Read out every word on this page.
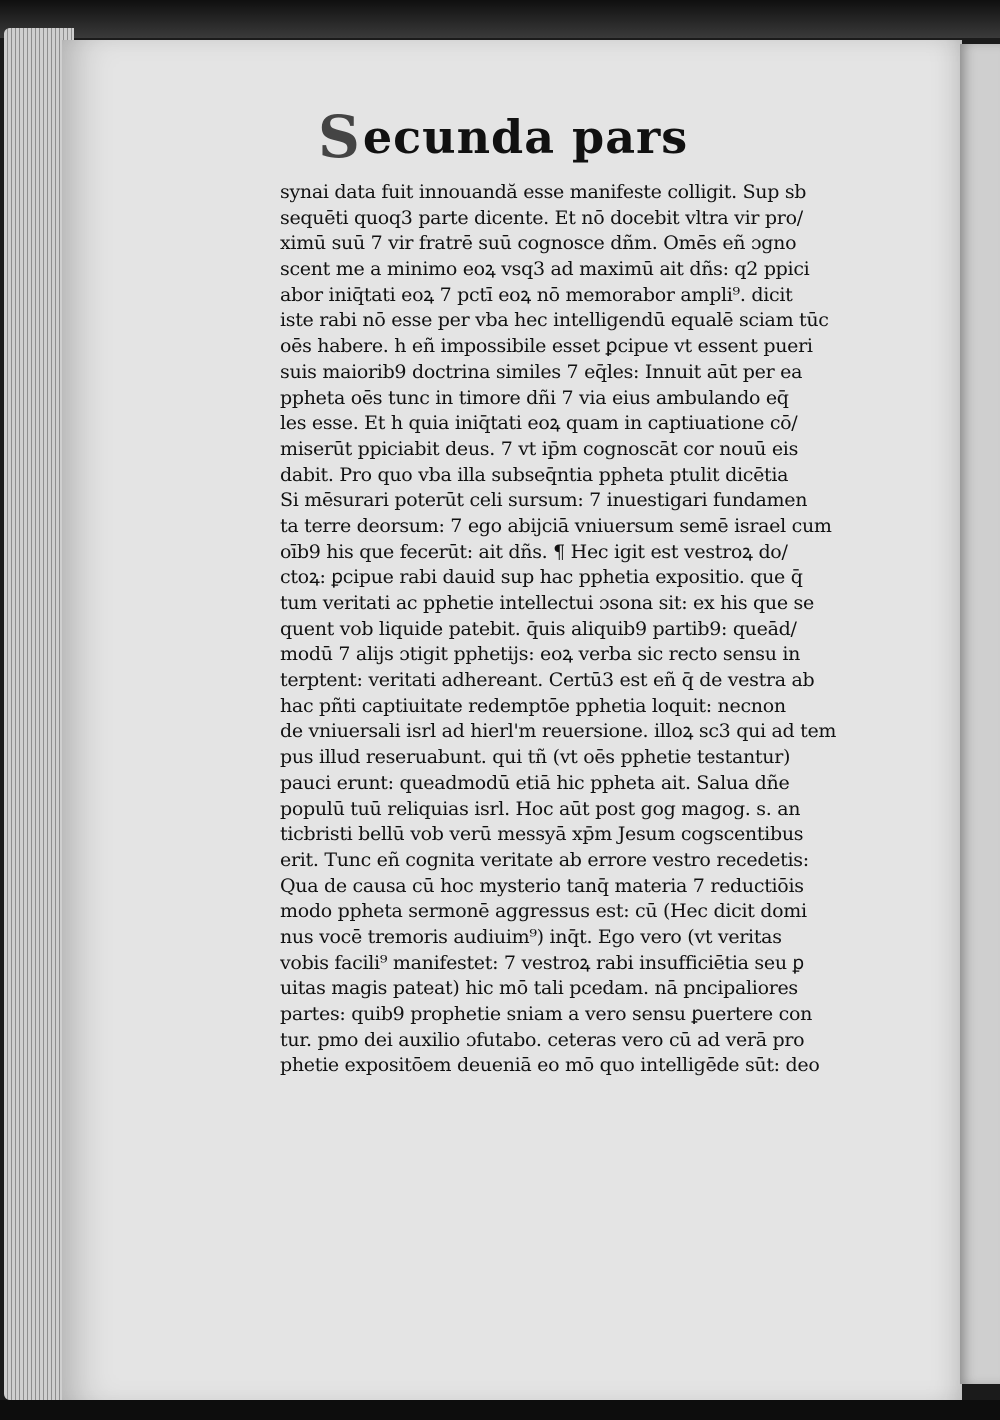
Secunda pars
synai data fuit innouandă esse manifeste colligit. Sup sb
sequēti quoq3 parte dicente. Et nō docebit vltra vir pro/
ximū suū 7 vir fratrē suū cognosce dñm. Omēs eñ ɔgno
scent me a minimo eoꝝ vsq3 ad maximū ait dñs: q2 ppici
abor iniq̄tati eoꝝ 7 pctī eoꝝ nō memorabor ampli⁹. dicit
iste rabi nō esse per vba hec intelligendū equalē sciam tūc
oēs habere. h eñ impossibile esset ꝑcipue vt essent pueri
suis maiorib9 doctrina similes 7 eq̄les: Innuit aūt per ea
ppheta oēs tunc in timore dñi 7 via eius ambulando eq̄
les esse. Et h quia iniq̄tati eoꝝ quam in captiuatione cō/
miserūt ppiciabit deus. 7 vt ip̄m cognoscāt cor nouū eis
dabit. Pro quo vba illa subseq̄ntia ppheta ptulit dicētia
Si mēsurari poterūt celi sursum: 7 inuestigari fundamen
ta terre deorsum: 7 ego abijciā vniuersum semē israel cum
oīb9 his que fecerūt: ait dñs. ¶ Hec igit est vestroꝝ do/
ctoꝝ: ꝑcipue rabi dauid sup hac pphetia expositio. que q̄
tum veritati ac pphetie intellectui ɔsona sit: ex his que se
quent vob liquide patebit. q̄uis aliquib9 partib9: queād/
modū 7 alijs ɔtigit pphetijs: eoꝝ verba sic recto sensu in
terptent: veritati adhereant. Certū3 est eñ q̄ de vestra ab
hac pñti captiuitate redemptōe pphetia loquit: necnon
de vniuersali isrl ad hierl'm reuersione. illoꝝ sc3 qui ad tem
pus illud reseruabunt. qui tñ (vt oēs pphetie testantur)
pauci erunt: queadmodū etiā hic ppheta ait. Salua dñe
populū tuū reliquias isrl. Hoc aūt post gog magog. s. an
ticbristi bellū vob verū messyā xp̄m Jesum cogscentibus
erit. Tunc eñ cognita veritate ab errore vestro recedetis:
Qua de causa cū hoc mysterio tanq̄ materia 7 reductiōis
modo ppheta sermonē aggressus est: cū (Hec dicit domi
nus vocē tremoris audiuim⁹) inq̄t. Ego vero (vt veritas
vobis facili⁹ manifestet: 7 vestroꝝ rabi insufficiētia seu ꝑ
uitas magis pateat) hic mō tali pcedam. nā pncipaliores
partes: quib9 prophetie sniam a vero sensu ꝑuertere con
tur. pmo dei auxilio ɔfutabo. ceteras vero cū ad verā pro
phetie expositōem deueniā eo mō quo intelligēde sūt: deo
